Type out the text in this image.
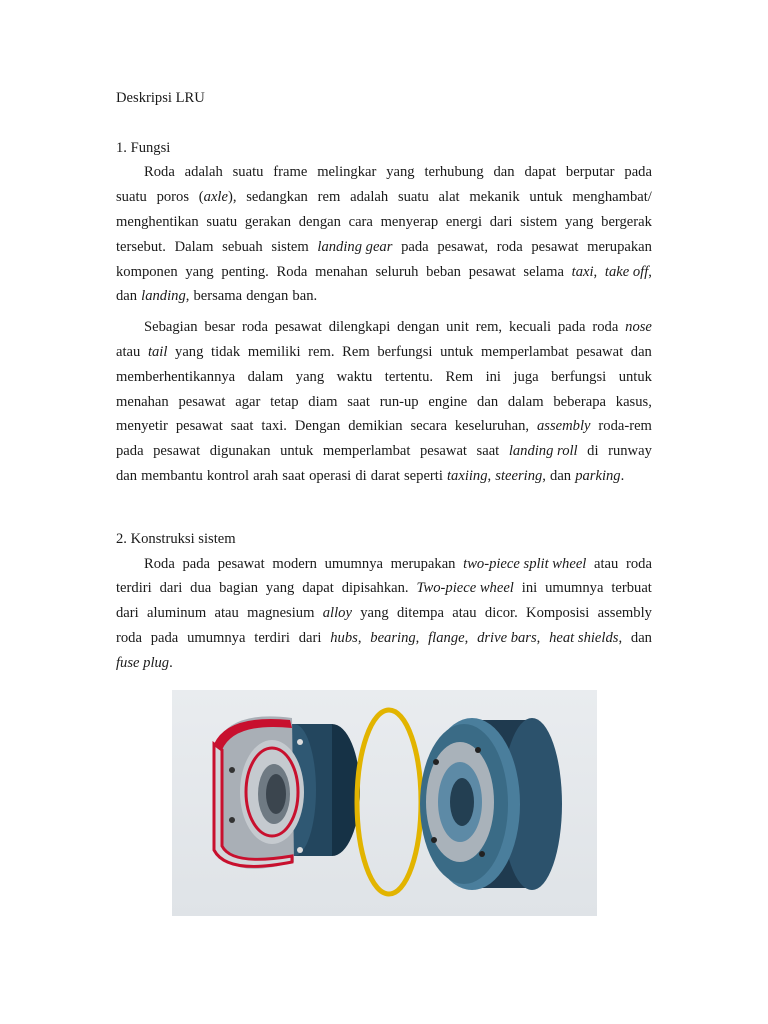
Deskripsi LRU
1. Fungsi
Roda adalah suatu frame melingkar yang terhubung dan dapat berputar pada
suatu poros (axle), sedangkan rem adalah suatu alat mekanik untuk menghambat/
menghentikan suatu gerakan dengan cara menyerap energi dari sistem yang bergerak
tersebut. Dalam sebuah sistem landing gear pada pesawat, roda pesawat merupakan
komponen yang penting. Roda menahan seluruh beban pesawat selama taxi, take off,
dan landing, bersama dengan ban.
Sebagian besar roda pesawat dilengkapi dengan unit rem, kecuali pada roda nose
atau tail yang tidak memiliki rem. Rem berfungsi untuk memperlambat pesawat dan
memberhentikannya dalam yang waktu tertentu. Rem ini juga berfungsi untuk
menahan pesawat agar tetap diam saat run-up engine dan dalam beberapa kasus,
menyetir pesawat saat taxi. Dengan demikian secara keseluruhan, assembly roda-rem
pada pesawat digunakan untuk memperlambat pesawat saat landing roll di runway
dan membantu kontrol arah saat operasi di darat seperti taxiing, steering, dan parking.
2. Konstruksi sistem
Roda pada pesawat modern umumnya merupakan two-piece split wheel atau roda
terdiri dari dua bagian yang dapat dipisahkan. Two-piece wheel ini umumnya terbuat
dari aluminum atau magnesium alloy yang ditempa atau dicor. Komposisi assembly
roda pada umumnya terdiri dari hubs, bearing, flange, drive bars, heat shields, dan
fuse plug.
